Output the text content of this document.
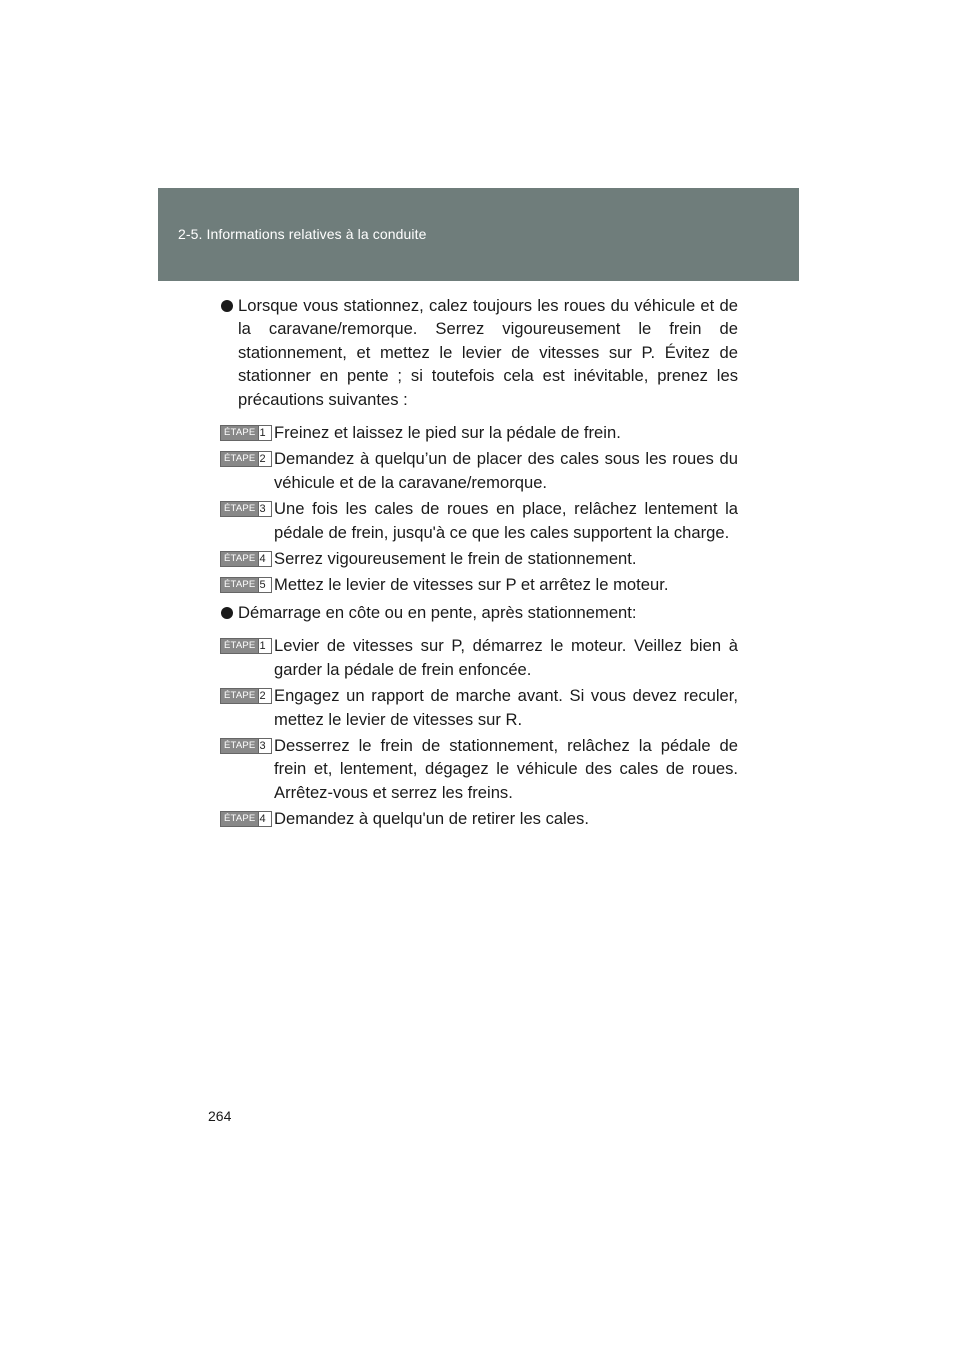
2-5. Informations relatives à la conduite
Lorsque vous stationnez, calez toujours les roues du véhicule et de la caravane/remorque. Serrez vigoureusement le frein de stationnement, et mettez le levier de vitesses sur P. Évitez de stationner en pente ; si toutefois cela est inévitable, prenez les précautions suivantes :
ÉTAPE 1 Freinez et laissez le pied sur la pédale de frein.
ÉTAPE 2 Demandez à quelqu’un de placer des cales sous les roues du véhicule et de la caravane/remorque.
ÉTAPE 3 Une fois les cales de roues en place, relâchez lentement la pédale de frein, jusqu'à ce que les cales supportent la charge.
ÉTAPE 4 Serrez vigoureusement le frein de stationnement.
ÉTAPE 5 Mettez le levier de vitesses sur P et arrêtez le moteur.
Démarrage en côte ou en pente, après stationnement:
ÉTAPE 1 Levier de vitesses sur P, démarrez le moteur. Veillez bien à garder la pédale de frein enfoncée.
ÉTAPE 2 Engagez un rapport de marche avant. Si vous devez reculer, mettez le levier de vitesses sur R.
ÉTAPE 3 Desserrez le frein de stationnement, relâchez la pédale de frein et, lentement, dégagez le véhicule des cales de roues. Arrêtez-vous et serrez les freins.
ÉTAPE 4 Demandez à quelqu'un de retirer les cales.
264
